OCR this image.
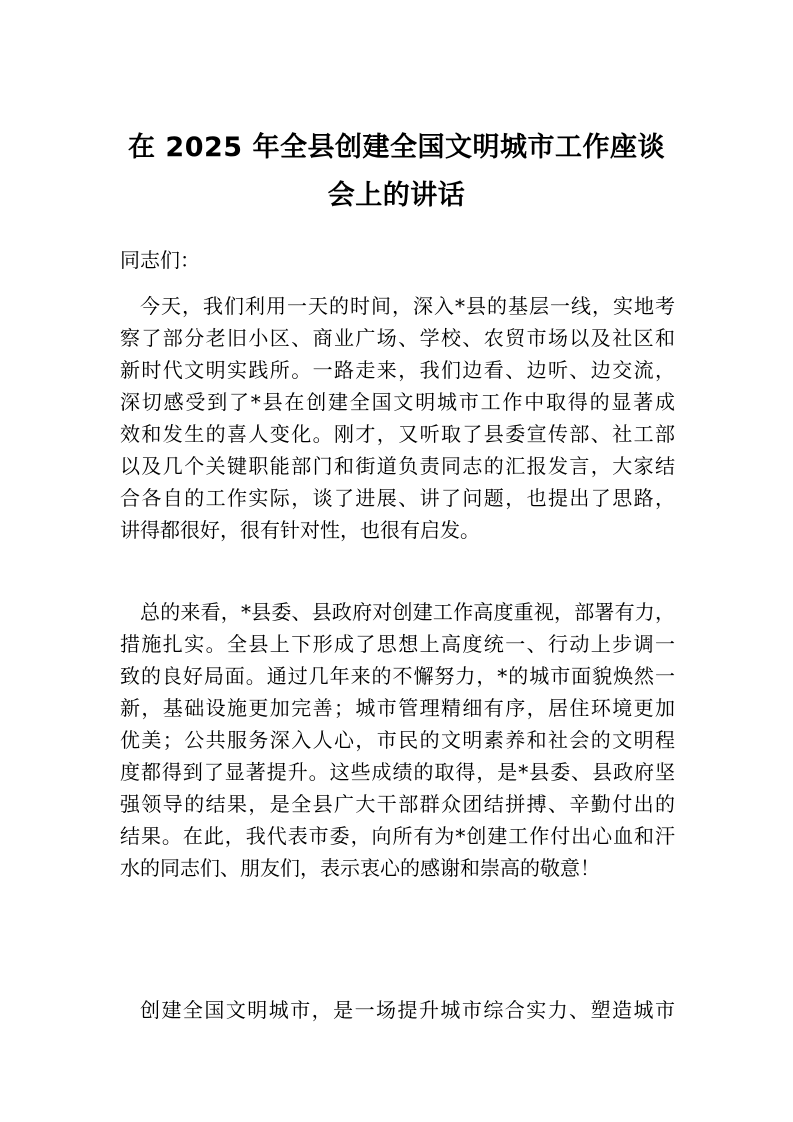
在 2025 年全县创建全国文明城市工作座谈
会上的讲话

同志们：

今天，我们利用一天的时间，深入*县的基层一线，实地考
察了部分老旧小区、商业广场、学校、农贸市场以及社区和
新时代文明实践所。一路走来，我们边看、边听、边交流，
深切感受到了*县在创建全国文明城市工作中取得的显著成
效和发生的喜人变化。刚才，又听取了县委宣传部、社工部
以及几个关键职能部门和街道负责同志的汇报发言，大家结
合各自的工作实际，谈了进展、讲了问题，也提出了思路，
讲得都很好，很有针对性，也很有启发。
总的来看，*县委、县政府对创建工作高度重视，部署有力，
措施扎实。全县上下形成了思想上高度统一、行动上步调一
致的良好局面。通过几年来的不懈努力，*的城市面貌焕然一
新，基础设施更加完善；城市管理精细有序，居住环境更加
优美；公共服务深入人心，市民的文明素养和社会的文明程
度都得到了显著提升。这些成绩的取得，是*县委、县政府坚
强领导的结果，是全县广大干部群众团结拼搏、辛勤付出的
结果。在此，我代表市委，向所有为*创建工作付出心血和汗
水的同志们、朋友们，表示衷心的感谢和崇高的敬意！
创建全国文明城市，是一场提升城市综合实力、塑造城市
